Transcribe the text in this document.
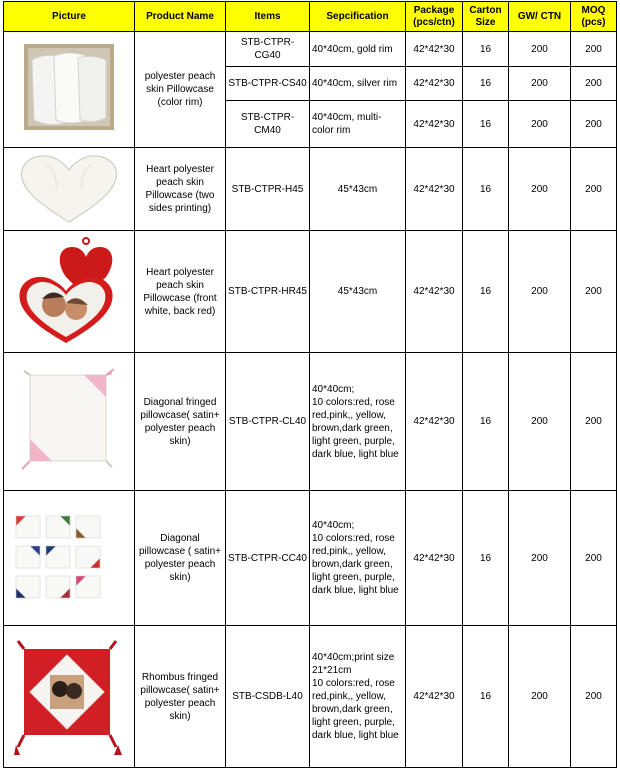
Picture	Product Name	Items	Sepcification	Package (pcs/ctn)	Carton Size	GW/ CTN	MOQ (pcs)

	polyester peach skin Pillowcase (color rim)	STB-CTPR-CG40	40*40cm, gold rim	42*42*30	16	200	200
		STB-CTPR-CS40	40*40cm, silver rim	42*42*30	16	200	200
		STB-CTPR-CM40	40*40cm, multi-color rim	42*42*30	16	200	200

	Heart polyester peach skin Pillowcase (two sides printing)	STB-CTPR-H45	45*43cm	42*42*30	16	200	200

	Heart polyester peach skin Pillowcase (front white, back red)	STB-CTPR-HR45	45*43cm	42*42*30	16	200	200

	Diagonal fringed pillowcase( satin+ polyester peach skin)	STB-CTPR-CL40	40*40cm;
10 colors:red, rose red,pink,, yellow, brown,dark green, light green, purple, dark blue, light blue	42*42*30	16	200	200

	Diagonal pillowcase ( satin+ polyester peach skin)	STB-CTPR-CC40	40*40cm;
10 colors:red, rose red,pink,, yellow, brown,dark green, light green, purple, dark blue, light blue	42*42*30	16	200	200

	Rhombus fringed pillowcase( satin+ polyester peach skin)	STB-CSDB-L40	40*40cm;print size 21*21cm
10 colors:red, rose red,pink,, yellow, brown,dark green, light green, purple, dark blue, light blue	42*42*30	16	200	200
